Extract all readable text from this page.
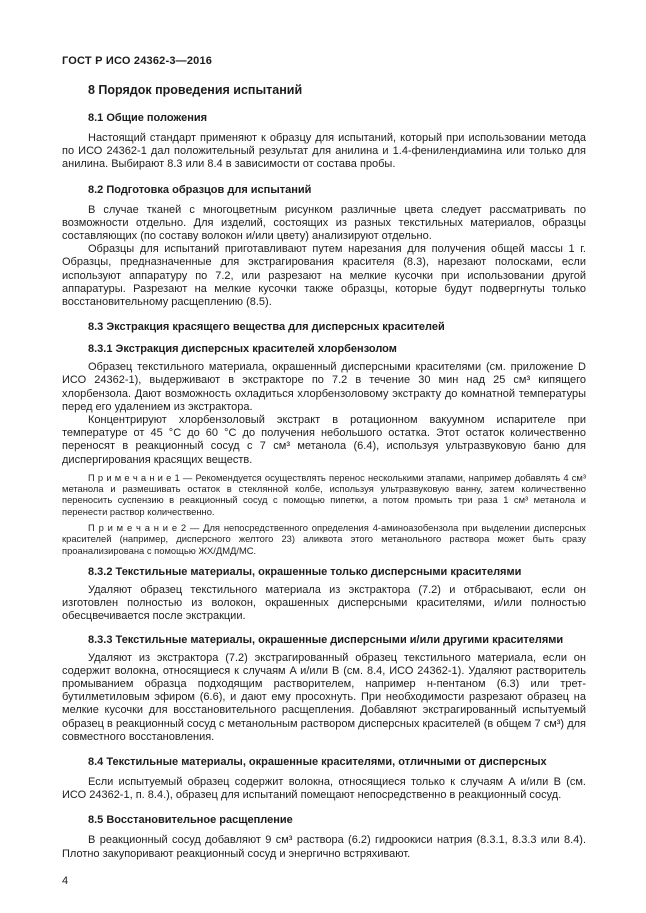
ГОСТ Р ИСО 24362-3—2016
8 Порядок проведения испытаний
8.1 Общие положения
Настоящий стандарт применяют к образцу для испытаний, который при использовании метода по ИСО 24362-1 дал положительный результат для анилина и 1.4-фенилендиамина или только для анилина. Выбирают 8.3 или 8.4 в зависимости от состава пробы.
8.2 Подготовка образцов для испытаний
В случае тканей с многоцветным рисунком различные цвета следует рассматривать по возможности отдельно. Для изделий, состоящих из разных текстильных материалов, образцы составляющих (по составу волокон и/или цвету) анализируют отдельно.
Образцы для испытаний приготавливают путем нарезания для получения общей массы 1 г. Образцы, предназначенные для экстрагирования красителя (8.3), нарезают полосками, если используют аппаратуру по 7.2, или разрезают на мелкие кусочки при использовании другой аппаратуры. Разрезают на мелкие кусочки также образцы, которые будут подвергнуты только восстановительному расщеплению (8.5).
8.3 Экстракция красящего вещества для дисперсных красителей
8.3.1 Экстракция дисперсных красителей хлорбензолом
Образец текстильного материала, окрашенный дисперсными красителями (см. приложение D ИСО 24362-1), выдерживают в экстракторе по 7.2 в течение 30 мин над 25 см³ кипящего хлорбензола. Дают возможность охладиться хлорбензоловому экстракту до комнатной температуры перед его удалением из экстрактора.
Концентрируют хлорбензоловый экстракт в ротационном вакуумном испарителе при температуре от 45 °С до 60 °С до получения небольшого остатка. Этот остаток количественно переносят в реакционный сосуд с 7 см³ метанола (6.4), используя ультразвуковую баню для диспергирования красящих веществ.
П р и м е ч а н и е 1 — Рекомендуется осуществлять перенос несколькими этапами, например добавлять 4 см³ метанола и размешивать остаток в стеклянной колбе, используя ультразвуковую ванну, затем количественно переносить суспензию в реакционный сосуд с помощью пипетки, а потом промыть три раза 1 см³ метанола и перенести раствор количественно.
П р и м е ч а н и е 2 — Для непосредственного определения 4-аминоазобензола при выделении дисперсных красителей (например, дисперсного желтого 23) аликвота этого метанольного раствора может быть сразу проанализирована с помощью ЖХ/ДМД/МС.
8.3.2 Текстильные материалы, окрашенные только дисперсными красителями
Удаляют образец текстильного материала из экстрактора (7.2) и отбрасывают, если он изготовлен полностью из волокон, окрашенных дисперсными красителями, и/или полностью обесцвечивается после экстракции.
8.3.3 Текстильные материалы, окрашенные дисперсными и/или другими красителями
Удаляют из экстрактора (7.2) экстрагированный образец текстильного материала, если он содержит волокна, относящиеся к случаям A и/или B (см. 8.4, ИСО 24362-1). Удаляют растворитель промыванием образца подходящим растворителем, например н-пентаном (6.3) или трет-бутилметиловым эфиром (6.6), и дают ему просохнуть. При необходимости разрезают образец на мелкие кусочки для восстановительного расщепления. Добавляют экстрагированный испытуемый образец в реакционный сосуд с метанольным раствором дисперсных красителей (в общем 7 см³) для совместного восстановления.
8.4 Текстильные материалы, окрашенные красителями, отличными от дисперсных
Если испытуемый образец содержит волокна, относящиеся только к случаям A и/или B (см. ИСО 24362-1, п. 8.4.), образец для испытаний помещают непосредственно в реакционный сосуд.
8.5 Восстановительное расщепление
В реакционный сосуд добавляют 9 см³ раствора (6.2) гидроокиси натрия (8.3.1, 8.3.3 или 8.4). Плотно закупоривают реакционный сосуд и энергично встряхивают.
4
